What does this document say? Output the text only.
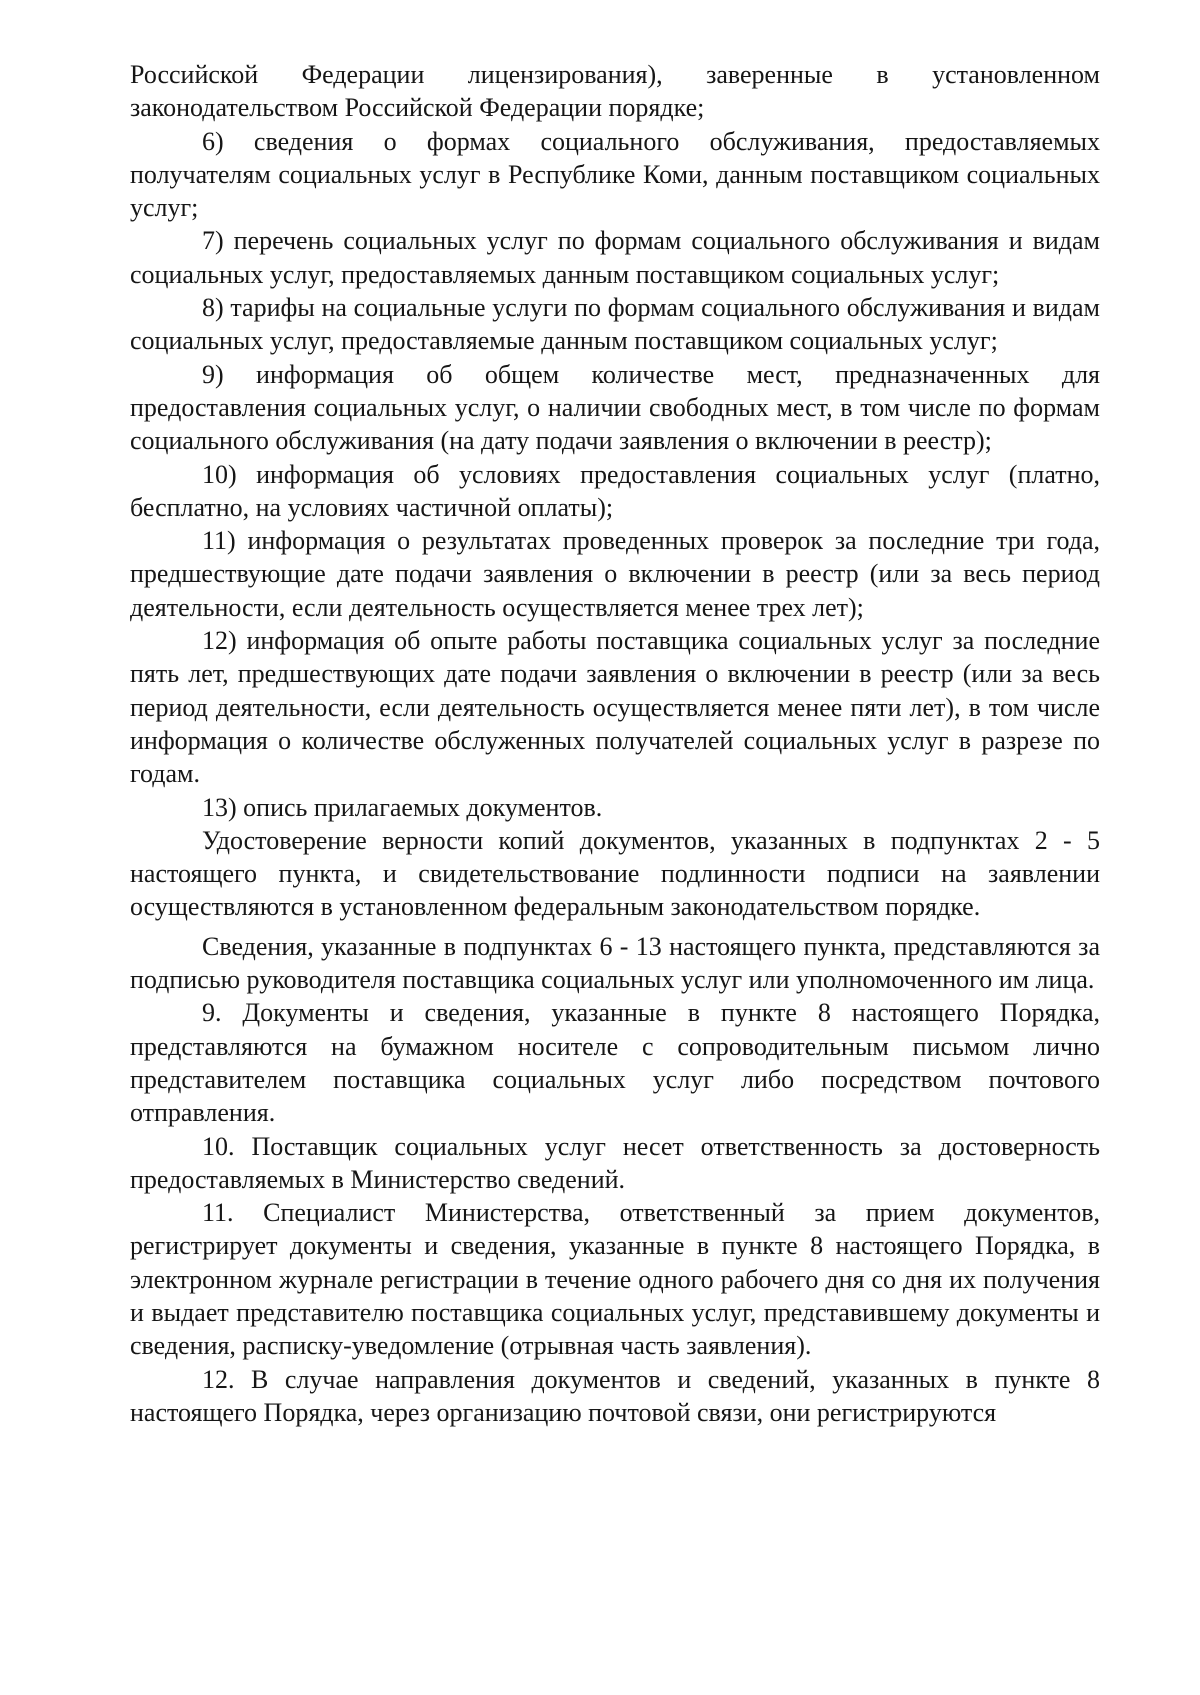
Российской Федерации лицензирования), заверенные в установленном законодательством Российской Федерации порядке;

6) сведения о формах социального обслуживания, предоставляемых получателям социальных услуг в Республике Коми, данным поставщиком социальных услуг;

7) перечень социальных услуг по формам социального обслуживания и видам социальных услуг, предоставляемых данным поставщиком социальных услуг;

8) тарифы на социальные услуги по формам социального обслуживания и видам социальных услуг, предоставляемые данным поставщиком социальных услуг;

9) информация об общем количестве мест, предназначенных для предоставления социальных услуг, о наличии свободных мест, в том числе по формам социального обслуживания (на дату подачи заявления о включении в реестр);

10) информация об условиях предоставления социальных услуг (платно, бесплатно, на условиях частичной оплаты);

11) информация о результатах проведенных проверок за последние три года, предшествующие дате подачи заявления о включении в реестр (или за весь период деятельности, если деятельность осуществляется менее трех лет);

12) информация об опыте работы поставщика социальных услуг за последние пять лет, предшествующих дате подачи заявления о включении в реестр (или за весь период деятельности, если деятельность осуществляется менее пяти лет), в том числе информация о количестве обслуженных получателей социальных услуг в разрезе по годам.

13) опись прилагаемых документов.

Удостоверение верности копий документов, указанных в подпунктах 2 - 5 настоящего пункта, и свидетельствование подлинности подписи на заявлении осуществляются в установленном федеральным законодательством порядке.

Сведения, указанные в подпунктах 6 - 13 настоящего пункта, представляются за подписью руководителя поставщика социальных услуг или уполномоченного им лица.

9. Документы и сведения, указанные в пункте 8 настоящего Порядка, представляются на бумажном носителе с сопроводительным письмом лично представителем поставщика социальных услуг либо посредством почтового отправления.

10. Поставщик социальных услуг несет ответственность за достоверность предоставляемых в Министерство сведений.

11. Специалист Министерства, ответственный за прием документов, регистрирует документы и сведения, указанные в пункте 8 настоящего Порядка, в электронном журнале регистрации в течение одного рабочего дня со дня их получения и выдает представителю поставщика социальных услуг, представившему документы и сведения, расписку-уведомление (отрывная часть заявления).

12. В случае направления документов и сведений, указанных в пункте 8 настоящего Порядка, через организацию почтовой связи, они регистрируются
